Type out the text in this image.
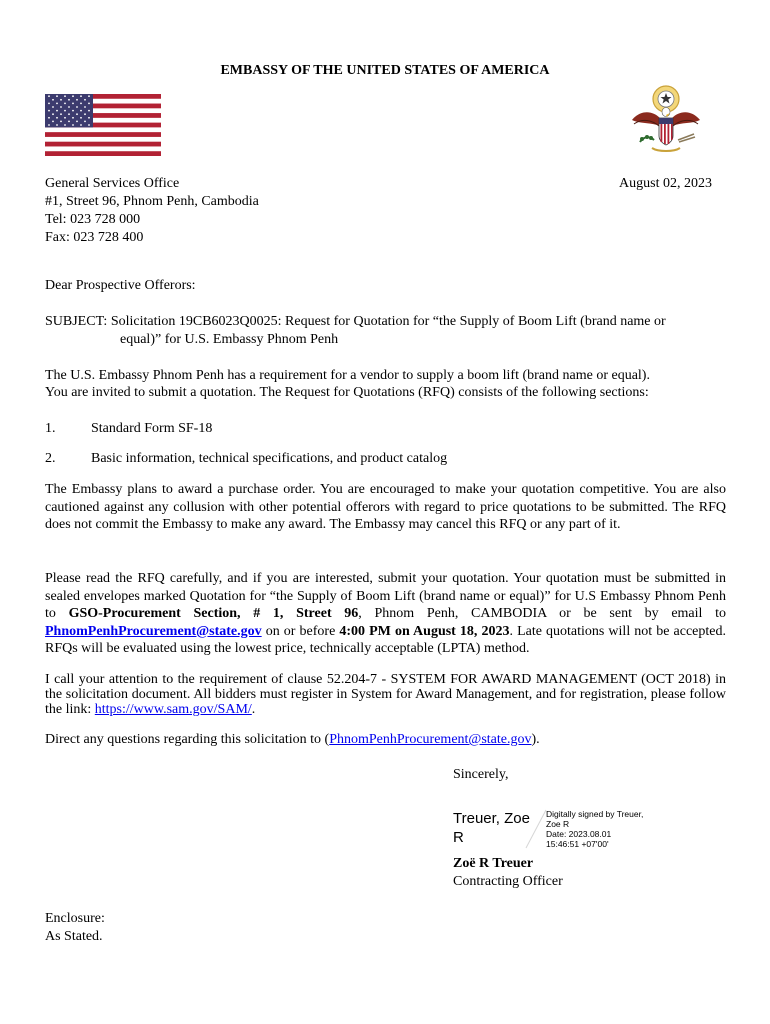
EMBASSY OF THE UNITED STATES OF AMERICA
General Services Office
#1, Street 96, Phnom Penh, Cambodia
Tel: 023 728 000
Fax: 023 728 400
August 02, 2023
Dear Prospective Offerors:
SUBJECT: Solicitation 19CB6023Q0025: Request for Quotation for “the Supply of Boom Lift (brand name or
equal)” for U.S. Embassy Phnom Penh
The U.S. Embassy Phnom Penh has a requirement for a vendor to supply a boom lift (brand name or equal).
You are invited to submit a quotation. The Request for Quotations (RFQ) consists of the following sections:
1.	Standard Form SF-18
2.	Basic information, technical specifications, and product catalog
The Embassy plans to award a purchase order. You are encouraged to make your quotation competitive. You are also cautioned against any collusion with other potential offerors with regard to price quotations to be submitted. The RFQ does not commit the Embassy to make any award. The Embassy may cancel this RFQ or any part of it.
Please read the RFQ carefully, and if you are interested, submit your quotation. Your quotation must be submitted in sealed envelopes marked Quotation for “the Supply of Boom Lift (brand name or equal)” for U.S Embassy Phnom Penh to GSO-Procurement Section, # 1, Street 96, Phnom Penh, CAMBODIA or be sent by email to PhnomPenhProcurement@state.gov on or before 4:00 PM on August 18, 2023. Late quotations will not be accepted. RFQs will be evaluated using the lowest price, technically acceptable (LPTA) method.
I call your attention to the requirement of clause 52.204-7 - SYSTEM FOR AWARD MANAGEMENT (OCT 2018) in the solicitation document. All bidders must register in System for Award Management, and for registration, please follow the link: https://www.sam.gov/SAM/.
Direct any questions regarding this solicitation to (PhnomPenhProcurement@state.gov).
Sincerely,
Treuer, Zoe
R
Digitally signed by Treuer,
Zoe R
Date: 2023.08.01
15:46:51 +07'00'
Zoë R Treuer
Contracting Officer
Enclosure:
As Stated.
